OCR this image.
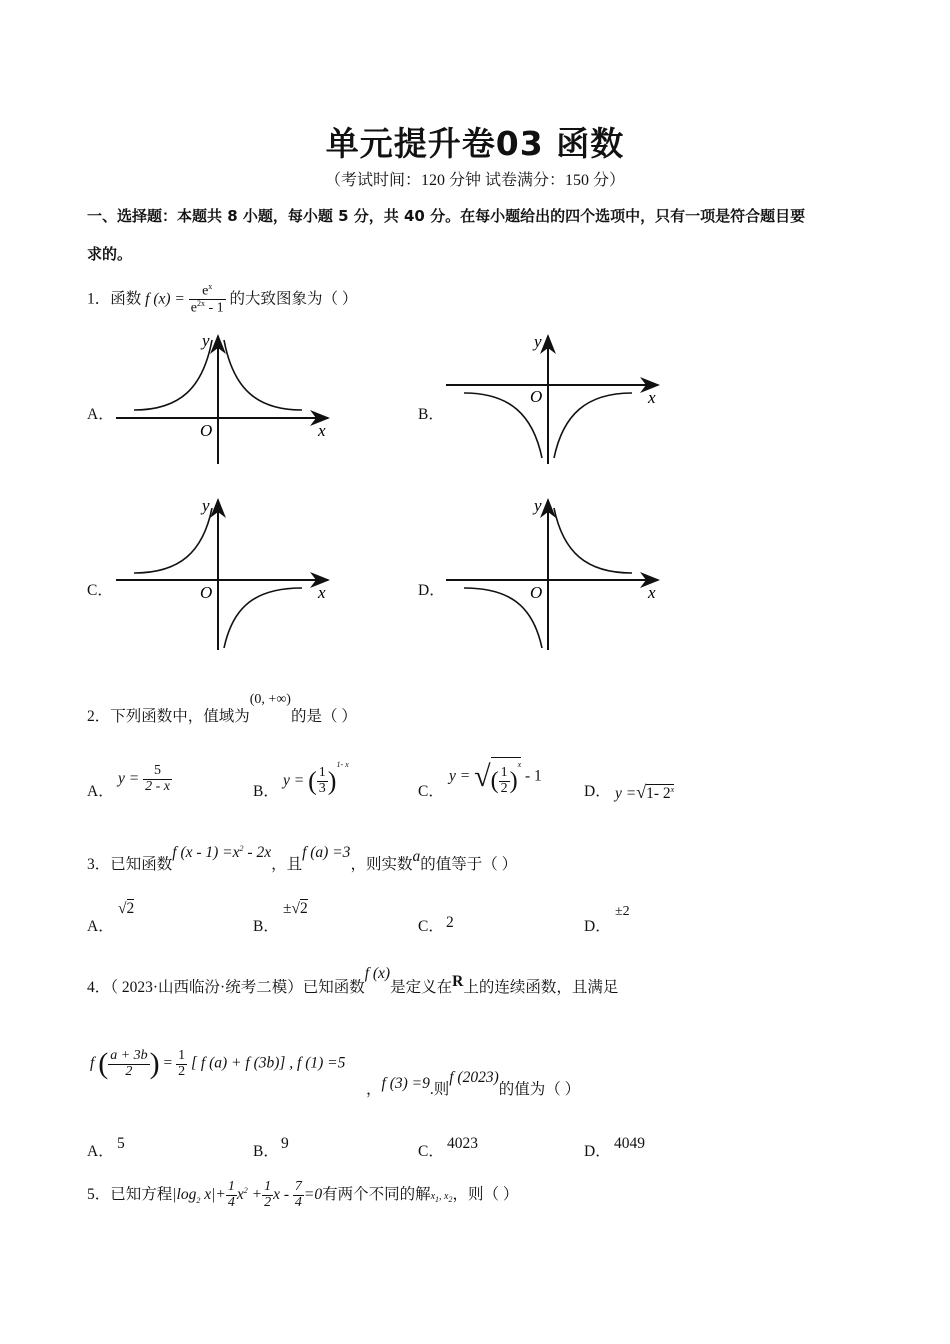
单元提升卷03 函数
（考试时间：120 分钟 试卷满分：150 分）
一、选择题：本题共 8 小题，每小题 5 分，共 40 分。在每小题给出的四个选项中，只有一项是符合题目要
求的。
1．函数 f $(x) = \frac{e^x}{e^{2x} - 1}$ 的大致图象为（ ）
A．	B．
C．	D．
y
x
O
y
x
O
y
x
O
y
x
O
2．下列函数中，值域为(0, +∞)的是（ ）
A．
$y = \frac{5}{2 - x}$	B．
y = ( $\frac{1}{3} )^{1- x}$
C．
y = √( $\frac{1}{2} )^x - 1$
D． y =√1- 2$^x$
3．已知函数f $(x - 1) =x^2 - 2x$，且f (a) =3，则实数a的值等于（ ）
A．
√2
B．
±√2
C． 2	D．
±2
4．（ 2023·山西临汾·统考二模）已知函数f (x)是定义在R上的连续函数，且满足
f ( $\frac{a + 3b}{2}$ ) = $\frac{1}{2}$ [ f (a) + f (3b)] , f (1) =5
，f (3) =9.则f (2023)的值为（ ）
A． 5	B． 9	C． 4023	D． 4049
5．已知方程$|\log_2$ $x|+ \frac{1}{4} x^2 + \frac{1}{2}$ $x - \frac{7}{4} =0$有两个不同的解$x_1$, $x_2$，则（ ）
